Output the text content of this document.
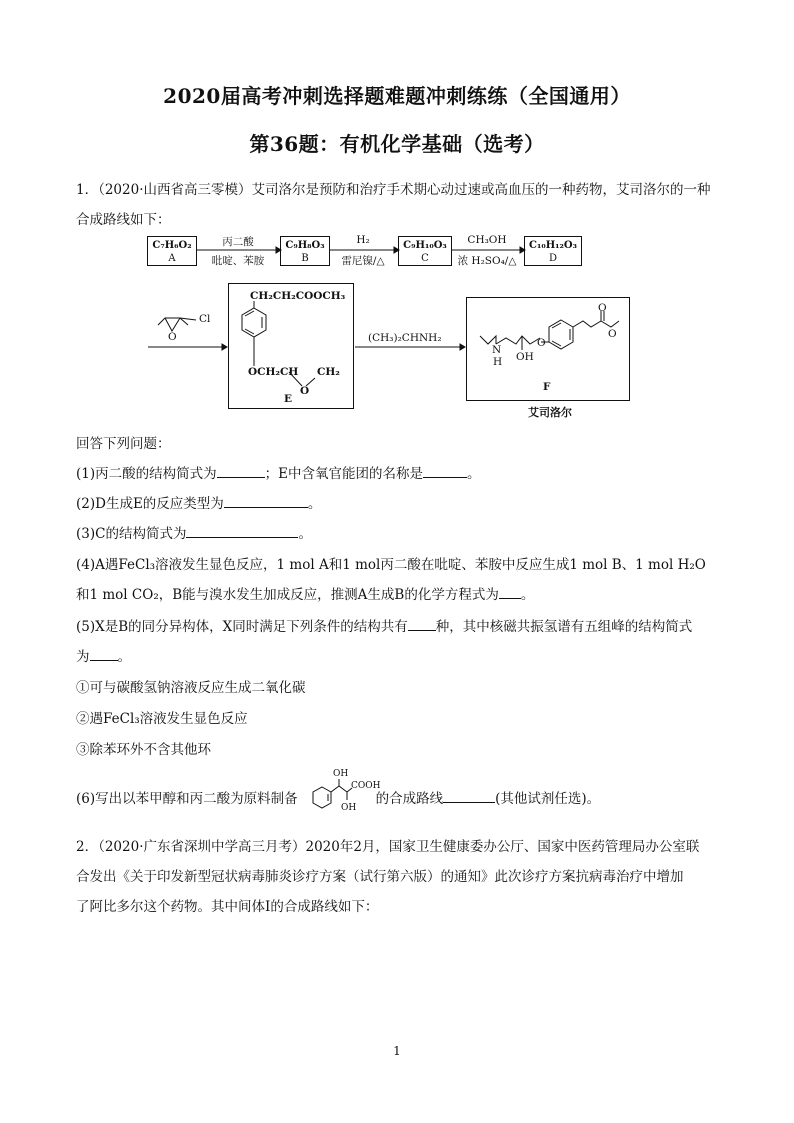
2020届高考冲刺选择题难题冲刺练练（全国通用）
第36题：有机化学基础（选考）
1．（2020·山西省高三零模）艾司洛尔是预防和治疗手术期心动过速或高血压的一种药物，艾司洛尔的一种
合成路线如下：
C₇H₆O₂
A
C₉H₈O₃
B
C₉H₁₀O₃
C
C₁₀H₁₂O₃
D
丙二酸
吡啶、苯胺
H₂
雷尼镍/△
CH₃OH
浓 H₂SO₄/△
Cl
O
CH₂CH₂COOCH₃
OCH₂CH CH₂
O
E
(CH₃)₂CHNH₂
N
H OH
O
O
O
F
艾司洛尔
回答下列问题：
(1)丙二酸的结构简式为	；E中含氧官能团的名称是	。
(2)D生成E的反应类型为	。
(3)C的结构简式为	。
(4)A遇FeCl₃溶液发生显色反应，1 mol A和1 mol丙二酸在吡啶、苯胺中反应生成1 mol B、1 mol H₂O
和1 mol CO₂，B能与溴水发生加成反应，推测A生成B的化学方程式为 。
(5)X是B的同分异构体，X同时满足下列条件的结构共有 种，其中核磁共振氢谱有五组峰的结构简式
为 。
①可与碳酸氢钠溶液反应生成二氧化碳
②遇FeCl₃溶液发生显色反应
③除苯环外不含其他环
(6)写出以苯甲醇和丙二酸为原料制备	的合成路线	(其他试剂任选)。
OH
OH
COOH
2．（2020·广东省深圳中学高三月考）2020年2月，国家卫生健康委办公厅、国家中医药管理局办公室联
合发出《关于印发新型冠状病毒肺炎诊疗方案（试行第六版）的通知》此次诊疗方案抗病毒治疗中增加
了阿比多尔这个药物。其中间体I的合成路线如下：
1
